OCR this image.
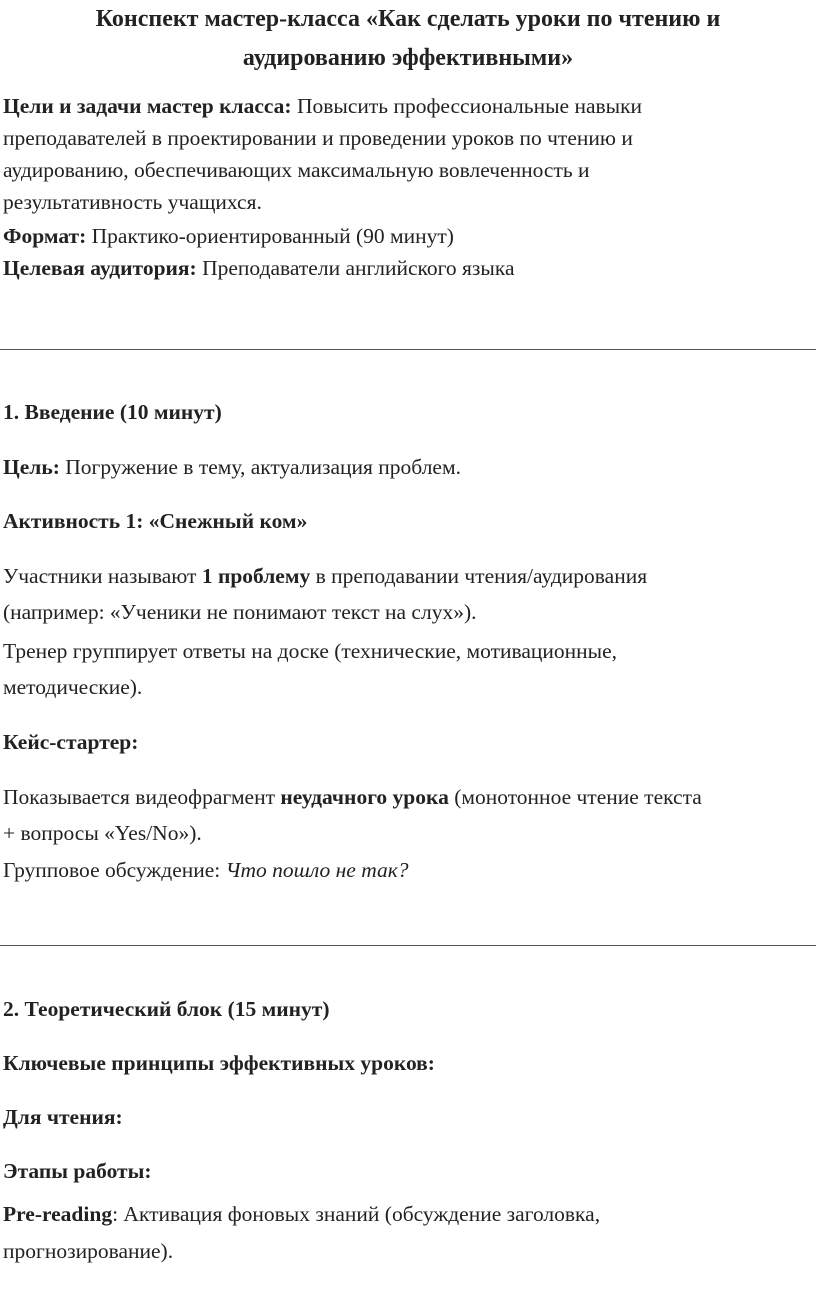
Конспект мастер-класса «Как сделать уроки по чтению и
аудированию эффективными»
Цели и задачи мастер класса: Повысить профессиональные навыки
преподавателей в проектировании и проведении уроков по чтению и
аудированию, обеспечивающих максимальную вовлеченность и
результативность учащихся.
Формат: Практико-ориентированный (90 минут)
Целевая аудитория: Преподаватели английского языка
1. Введение (10 минут)
Цель: Погружение в тему, актуализация проблем.
Активность 1: «Снежный ком»
Участники называют 1 проблему в преподавании чтения/аудирования
(например: «Ученики не понимают текст на слух»).
Тренер группирует ответы на доске (технические, мотивационные,
методические).
Кейс-стартер:
Показывается видеофрагмент неудачного урока (монотонное чтение текста
+ вопросы «Yes/No»).
Групповое обсуждение: Что пошло не так?
2. Теоретический блок (15 минут)
Ключевые принципы эффективных уроков:
Для чтения:
Этапы работы:
Pre-reading: Активация фоновых знаний (обсуждение заголовка,
прогнозирование).
